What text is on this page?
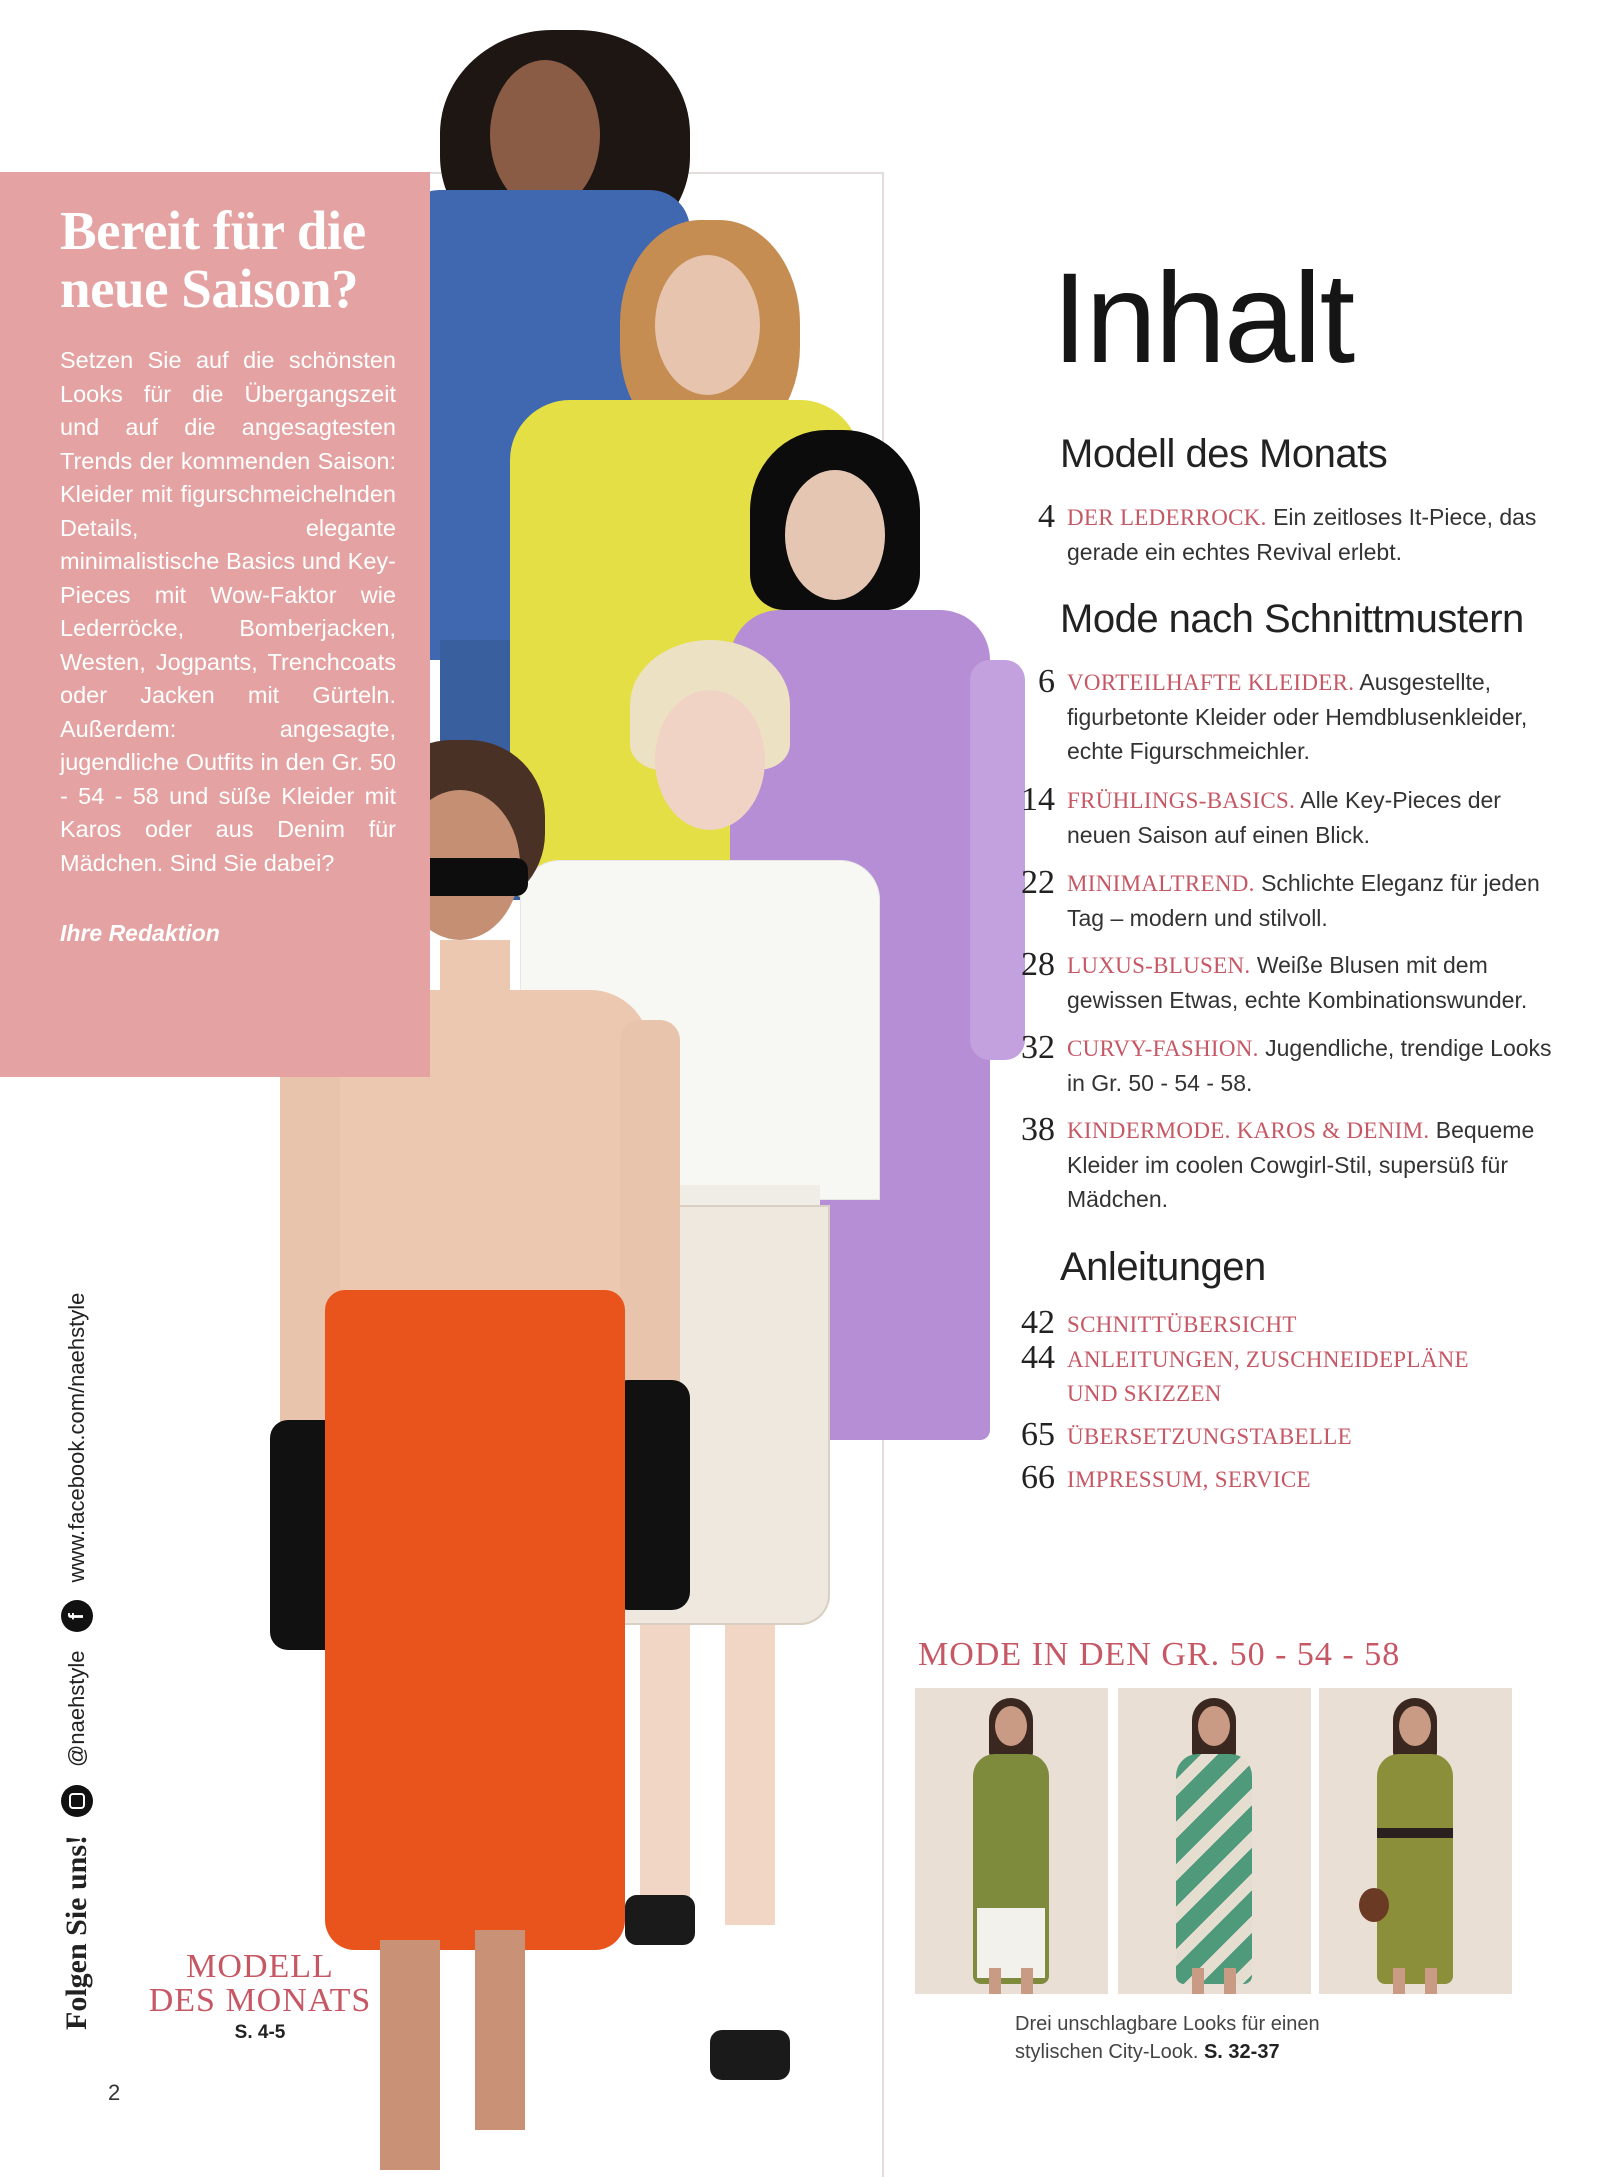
Bereit für die neue Saison?
Setzen Sie auf die schönsten Looks für die Übergangszeit und auf die angesagtesten Trends der kommenden Saison: Kleider mit figurschmeichelnden Details, elegante minimalistische Basics und Key-Pieces mit Wow-Faktor wie Lederröcke, Bomberjacken, Westen, Jogpants, Trenchcoats oder Jacken mit Gürteln. Außerdem: angesagte, jugendliche Outfits in den Gr. 50 - 54 - 58 und süße Kleider mit Karos oder aus Denim für Mädchen. Sind Sie dabei?
Ihre Redaktion
Folgen Sie uns!
@naehstyle
f
www.facebook.com/naehstyle
2
MODELL
DES MONATS
S. 4-5
Inhalt
Modell des Monats
4 DER LEDERROCK. Ein zeitloses It-Piece, das gerade ein echtes Revival erlebt.
Mode nach Schnittmustern
6 VORTEILHAFTE KLEIDER. Ausgestellte, figurbetonte Kleider oder Hemdblusenkleider, echte Figurschmeichler.
14 FRÜHLINGS-BASICS. Alle Key-Pieces der neuen Saison auf einen Blick.
22 MINIMALTREND. Schlichte Eleganz für jeden Tag – modern und stilvoll.
28 LUXUS-BLUSEN. Weiße Blusen mit dem gewissen Etwas, echte Kombinationswunder.
32 CURVY-FASHION. Jugendliche, trendige Looks in Gr. 50 - 54 - 58.
38 KINDERMODE. KAROS & DENIM. Bequeme Kleider im coolen Cowgirl-Stil, supersüß für Mädchen.
Anleitungen
42 SCHNITTÜBERSICHT
44 ANLEITUNGEN, ZUSCHNEIDEPLÄNE UND SKIZZEN
65 ÜBERSETZUNGSTABELLE
66 IMPRESSUM, SERVICE
MODE IN DEN GR. 50 - 54 - 58
Drei unschlagbare Looks für einen
stylischen City-Look. S. 32-37
